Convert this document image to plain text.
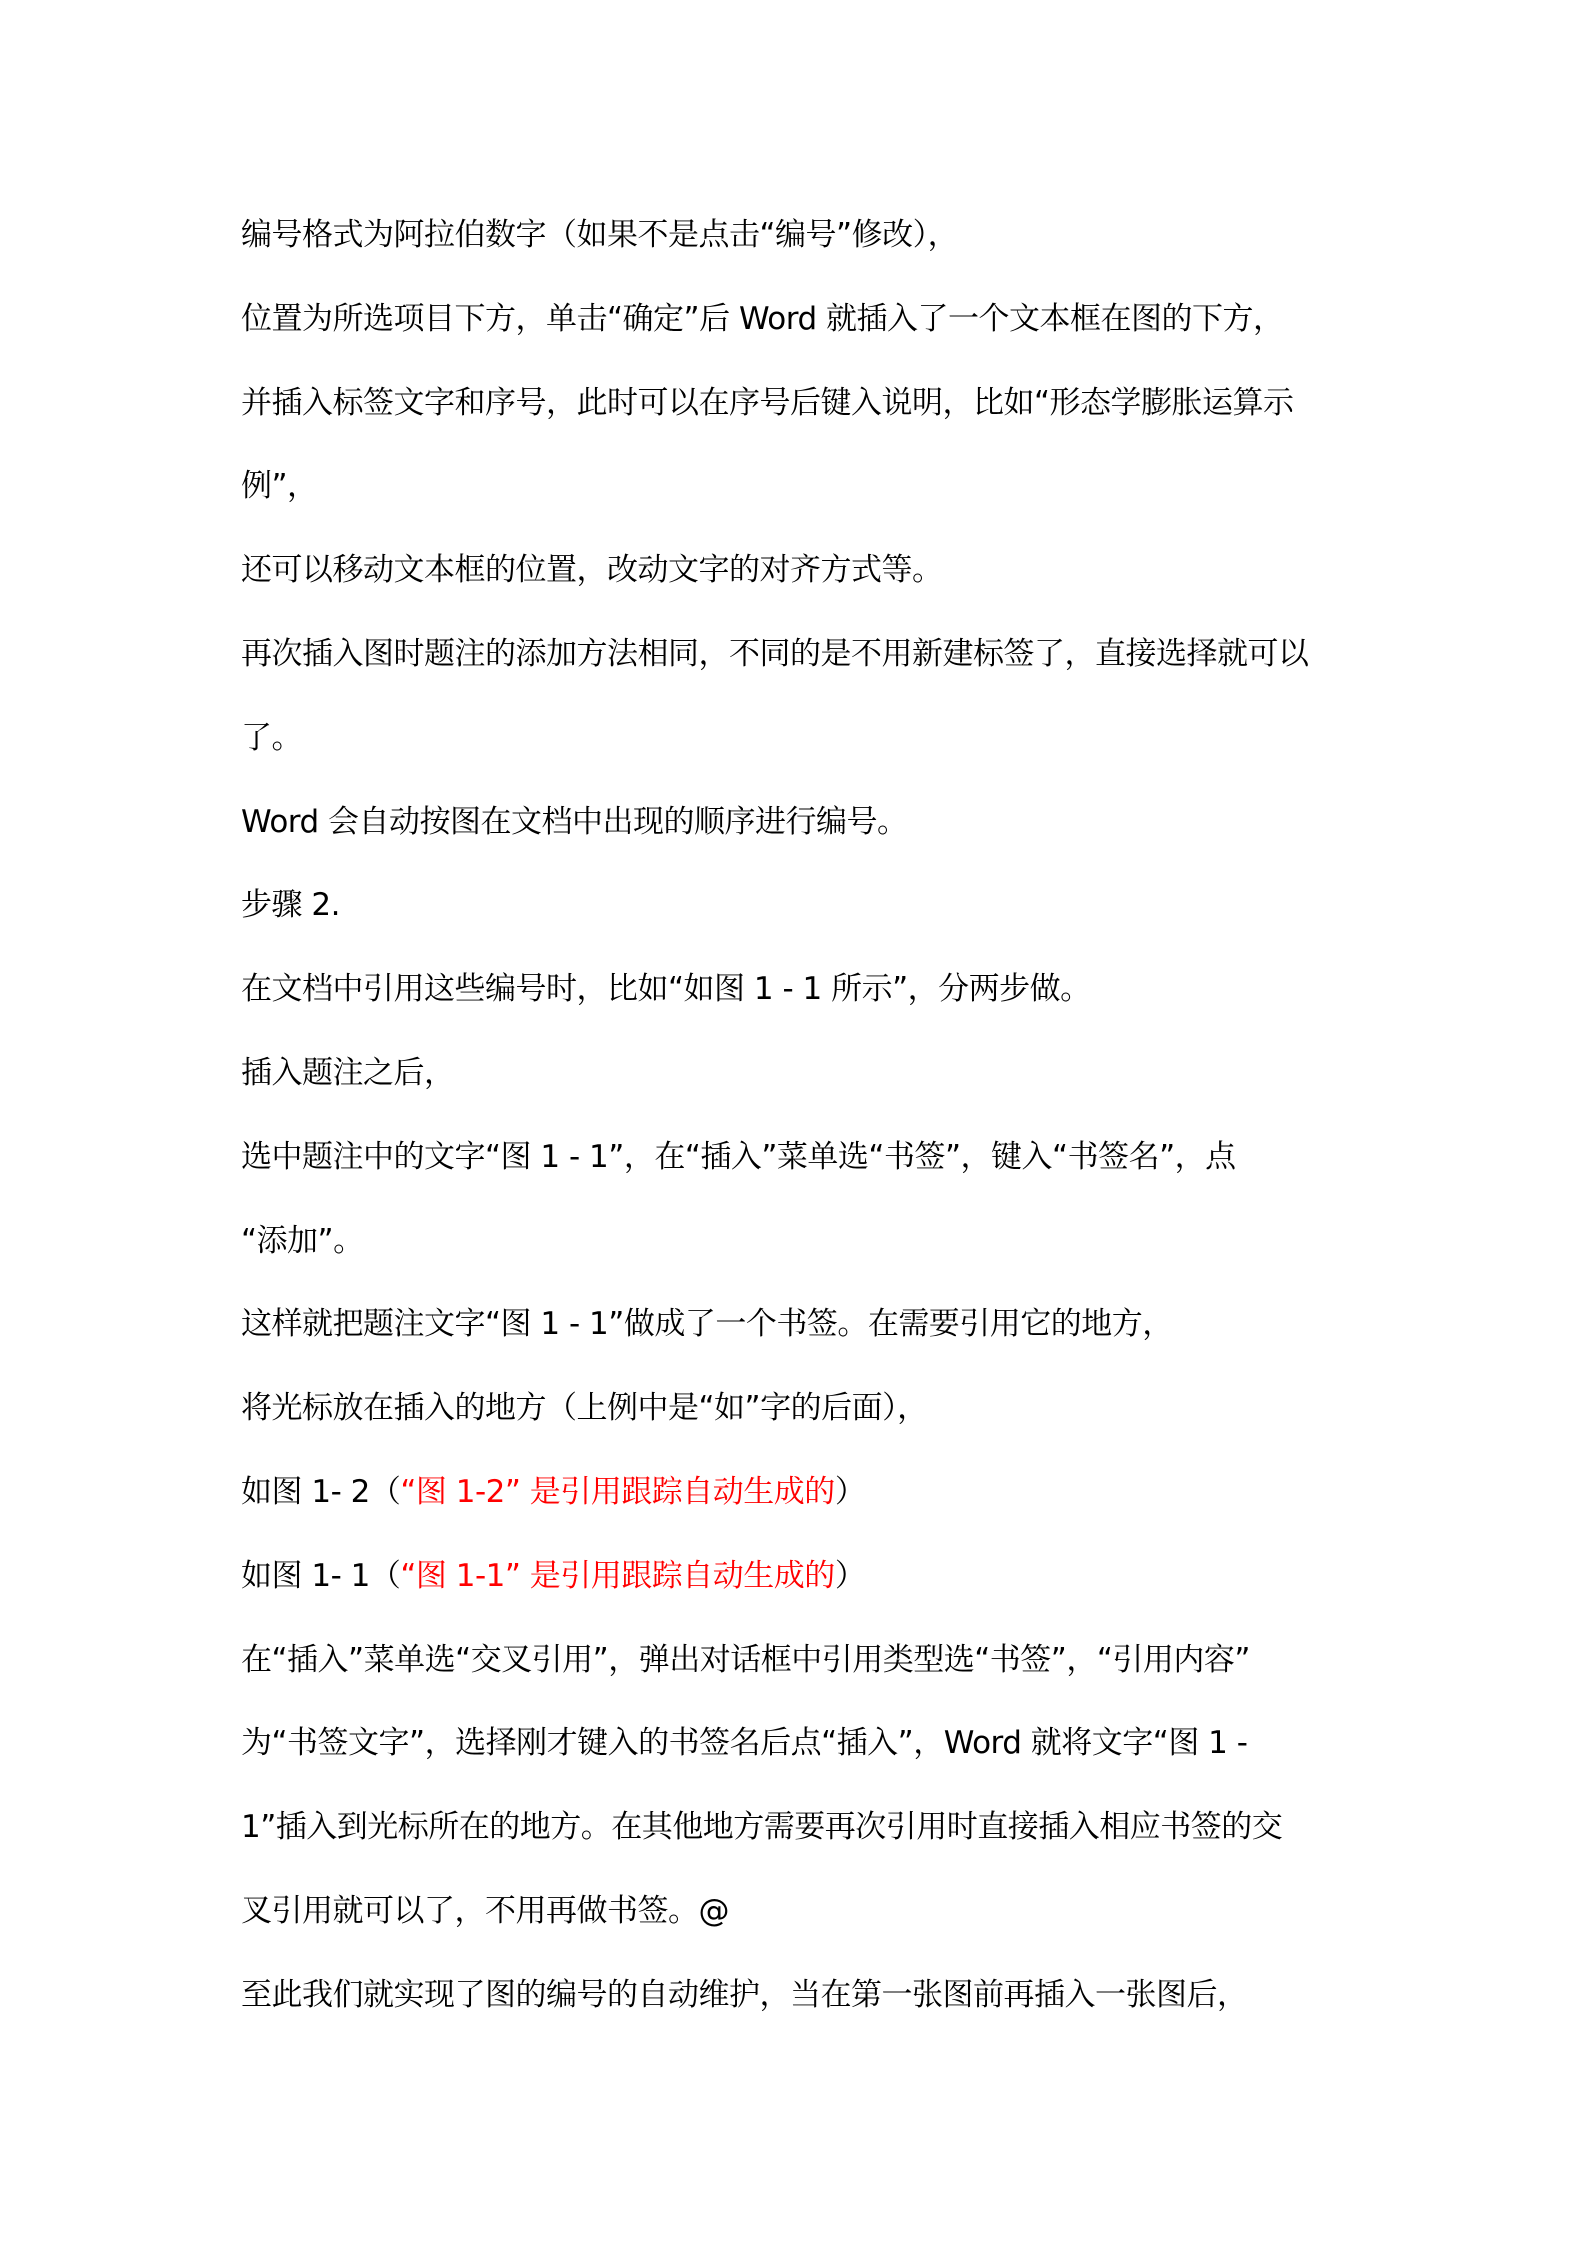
编号格式为阿拉伯数字（如果不是点击“编号”修改），
位置为所选项目下方，单击“确定”后 Word 就插入了一个文本框在图的下方，
并插入标签文字和序号，此时可以在序号后键入说明，比如“形态学膨胀运算示
例”，
还可以移动文本框的位置，改动文字的对齐方式等。
再次插入图时题注的添加方法相同，不同的是不用新建标签了，直接选择就可以
了。
Word 会自动按图在文档中出现的顺序进行编号。
步骤 2.
在文档中引用这些编号时，比如“如图 1 - 1 所示”，分两步做。
插入题注之后，
选中题注中的文字“图 1 - 1”，在“插入”菜单选“书签”，键入“书签名”，点
“添加”。
这样就把题注文字“图 1 - 1”做成了一个书签。在需要引用它的地方，
将光标放在插入的地方（上例中是“如”字的后面），
如图 1- 2（“图 1-2” 是引用跟踪自动生成的）
如图 1- 1（“图 1-1” 是引用跟踪自动生成的）
在“插入”菜单选“交叉引用”，弹出对话框中引用类型选“书签”，“引用内容”
为“书签文字”，选择刚才键入的书签名后点“插入”，Word 就将文字“图 1 -
1”插入到光标所在的地方。在其他地方需要再次引用时直接插入相应书签的交
叉引用就可以了，不用再做书签。@
至此我们就实现了图的编号的自动维护，当在第一张图前再插入一张图后，
